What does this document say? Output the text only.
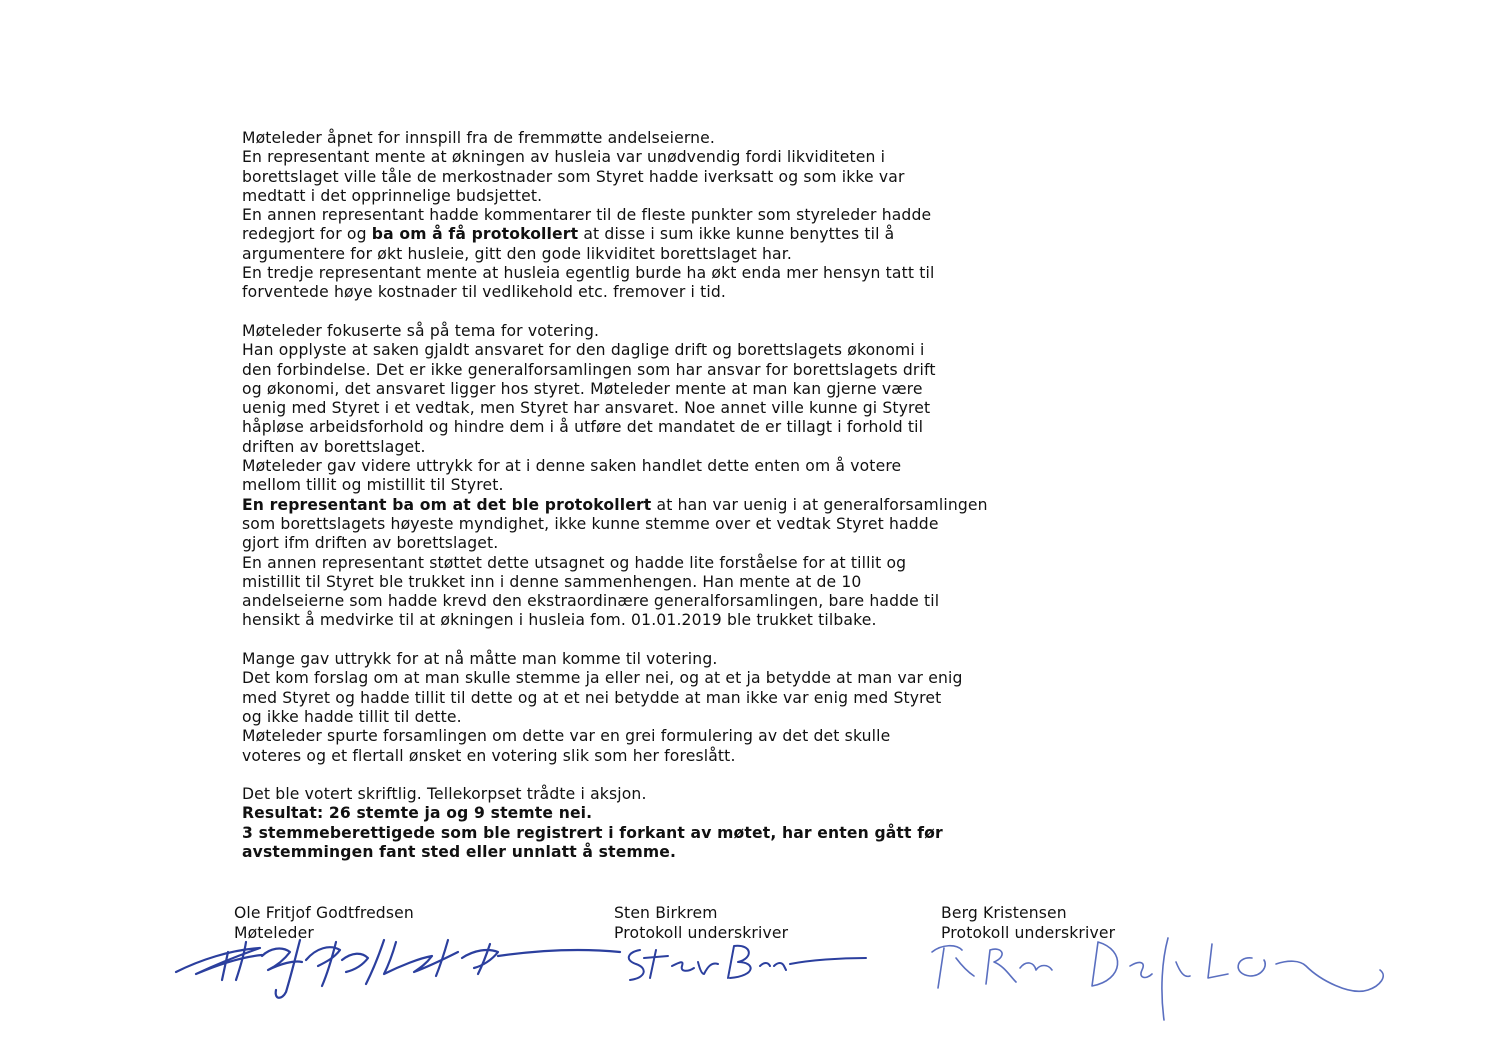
Møteleder åpnet for innspill fra de fremmøtte andelseierne.
En representant mente at økningen av husleia var unødvendig fordi likviditeten i
borettslaget ville tåle de merkostnader som Styret hadde iverksatt og som ikke var
medtatt i det opprinnelige budsjettet.
En annen representant hadde kommentarer til de fleste punkter som styreleder hadde
redegjort for og ba om å få protokollert at disse i sum ikke kunne benyttes til å
argumentere for økt husleie, gitt den gode likviditet borettslaget har.
En tredje representant mente at husleia egentlig burde ha økt enda mer hensyn tatt til
forventede høye kostnader til vedlikehold etc. fremover i tid.
Møteleder fokuserte så på tema for votering.
Han opplyste at saken gjaldt ansvaret for den daglige drift og borettslagets økonomi i
den forbindelse. Det er ikke generalforsamlingen som har ansvar for borettslagets drift
og økonomi, det ansvaret ligger hos styret. Møteleder mente at man kan gjerne være
uenig med Styret i et vedtak, men Styret har ansvaret. Noe annet ville kunne gi Styret
håpløse arbeidsforhold og hindre dem i å utføre det mandatet de er tillagt i forhold til
driften av borettslaget.
Møteleder gav videre uttrykk for at i denne saken handlet dette enten om å votere
mellom tillit og mistillit til Styret.
En representant ba om at det ble protokollert at han var uenig i at generalforsamlingen
som borettslagets høyeste myndighet, ikke kunne stemme over et vedtak Styret hadde
gjort ifm driften av borettslaget.
En annen representant støttet dette utsagnet og hadde lite forståelse for at tillit og
mistillit til Styret ble trukket inn i denne sammenhengen. Han mente at de 10
andelseierne som hadde krevd den ekstraordinære generalforsamlingen, bare hadde til
hensikt å medvirke til at økningen i husleia fom. 01.01.2019 ble trukket tilbake.
Mange gav uttrykk for at nå måtte man komme til votering.
Det kom forslag om at man skulle stemme ja eller nei, og at et ja betydde at man var enig
med Styret og hadde tillit til dette og at et nei betydde at man ikke var enig med Styret
og ikke hadde tillit til dette.
Møteleder spurte forsamlingen om dette var en grei formulering av det det skulle
voteres og et flertall ønsket en votering slik som her foreslått.
Det ble votert skriftlig. Tellekorpset trådte i aksjon.
Resultat: 26 stemte ja og 9 stemte nei.
3 stemmeberettigede som ble registrert i forkant av møtet, har enten gått før
avstemmingen fant sted eller unnlatt å stemme.
Ole Fritjof Godtfredsen
Møteleder
Sten Birkrem
Protokoll underskriver
Berg Kristensen
Protokoll underskriver
